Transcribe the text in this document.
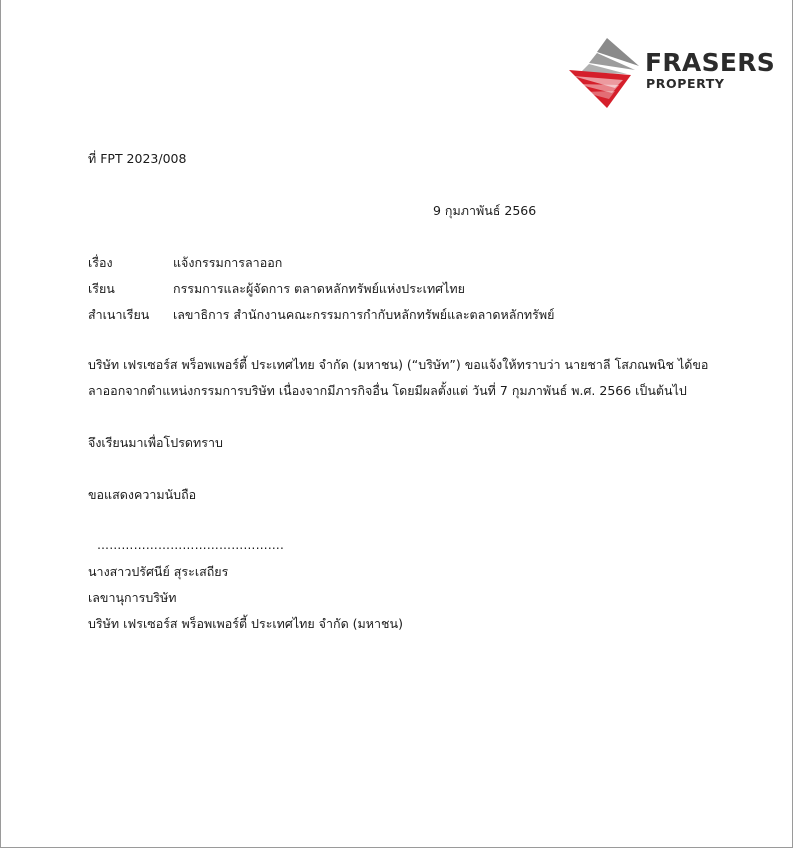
FRASERS
PROPERTY
ที่ FPT 2023/008
9 กุมภาพันธ์ 2566
เรื่อง	แจ้งกรรมการลาออก
เรียน	กรรมการและผู้จัดการ ตลาดหลักทรัพย์แห่งประเทศไทย
สำเนาเรียน เลขาธิการ สำนักงานคณะกรรมการกำกับหลักทรัพย์และตลาดหลักทรัพย์
บริษัท เฟรเซอร์ส พร็อพเพอร์ตี้ ประเทศไทย จำกัด (มหาชน) (“บริษัท”) ขอแจ้งให้ทราบว่า นายชาลี โสภณพนิช ได้ขอ
ลาออกจากตำแหน่งกรรมการบริษัท เนื่องจากมีภารกิจอื่น โดยมีผลตั้งแต่ วันที่ 7 กุมภาพันธ์ พ.ศ. 2566 เป็นต้นไป
จึงเรียนมาเพื่อโปรดทราบ
ขอแสดงความนับถือ
……………………………………….
นางสาวปรัศนีย์ สุระเสถียร
เลขานุการบริษัท
บริษัท เฟรเซอร์ส พร็อพเพอร์ตี้ ประเทศไทย จำกัด (มหาชน)
